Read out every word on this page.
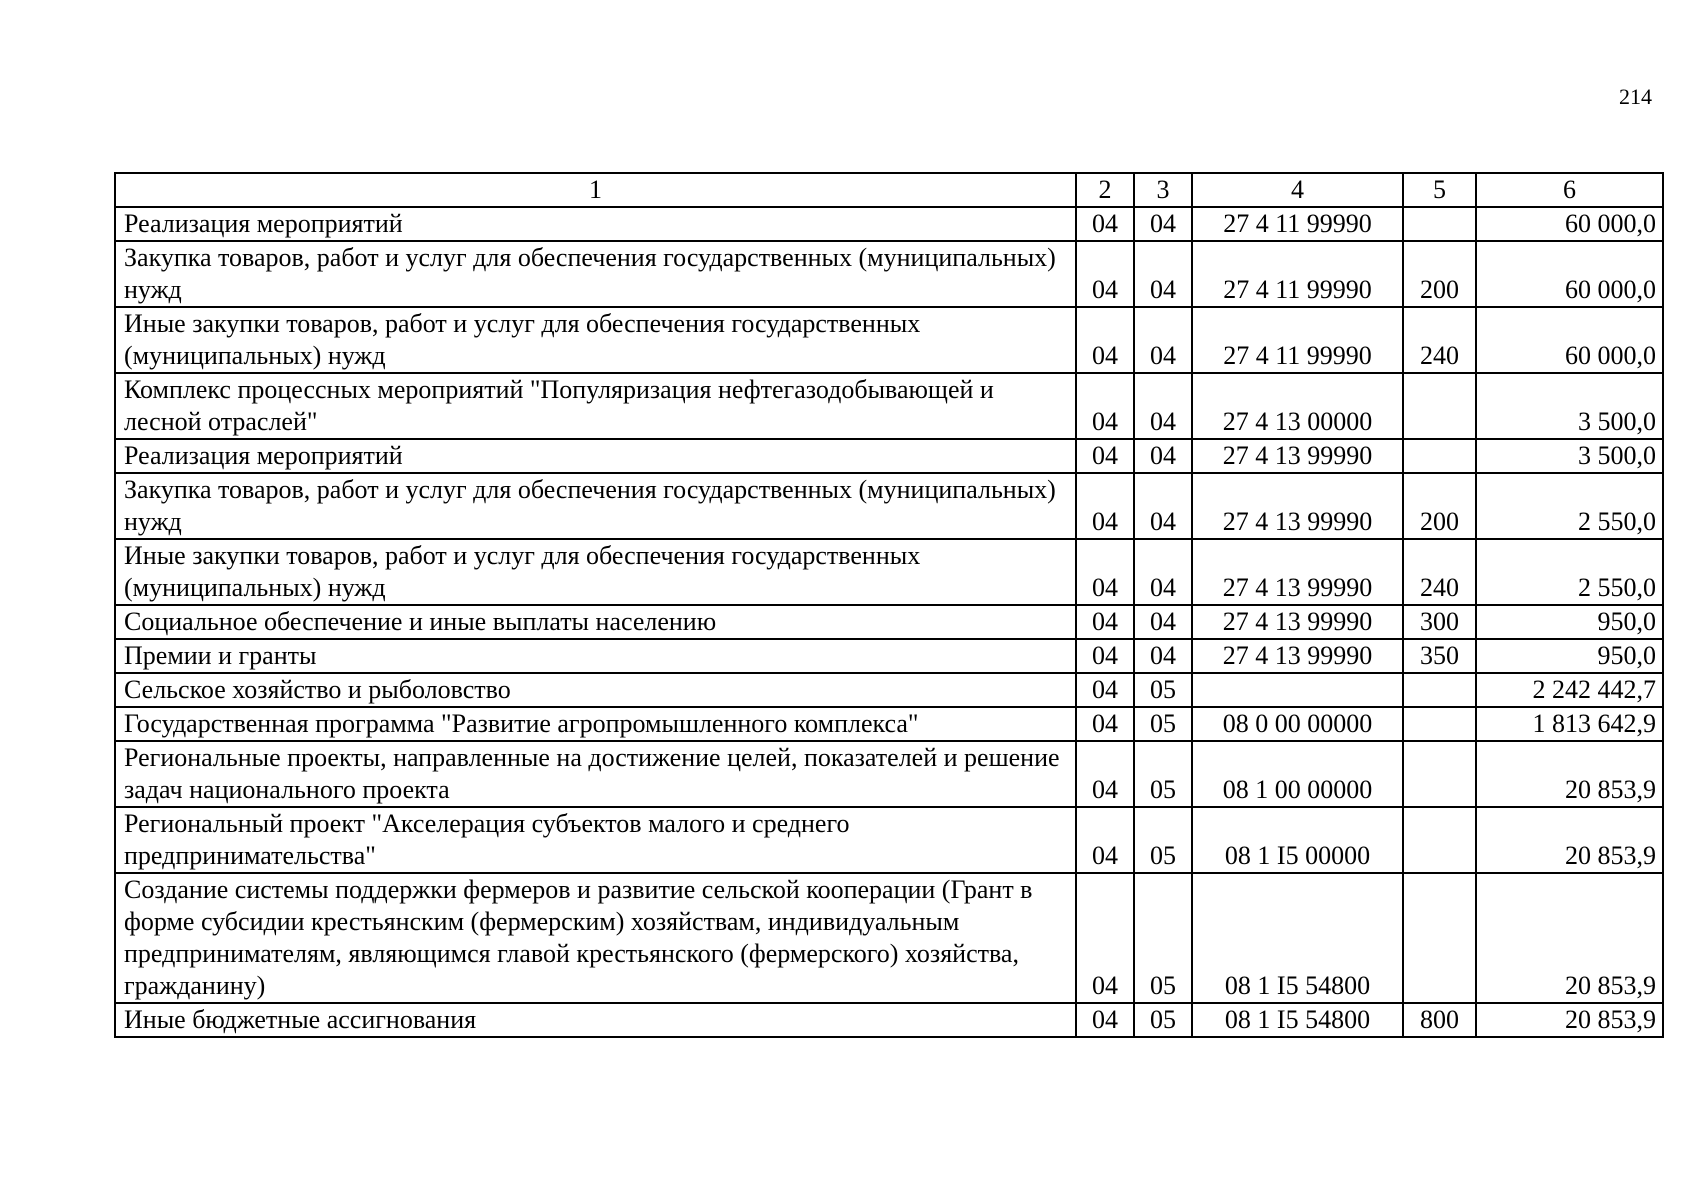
214
1	2	3	4	5	6
Реализация мероприятий	04	04	27 4 11 99990		60 000,0
Закупка товаров, работ и услуг для обеспечения государственных (муниципальных) нужд	04	04	27 4 11 99990	200	60 000,0
Иные закупки товаров, работ и услуг для обеспечения государственных (муниципальных) нужд	04	04	27 4 11 99990	240	60 000,0
Комплекс процессных мероприятий "Популяризация нефтегазодобывающей и лесной отраслей"	04	04	27 4 13 00000		3 500,0
Реализация мероприятий	04	04	27 4 13 99990		3 500,0
Закупка товаров, работ и услуг для обеспечения государственных (муниципальных) нужд	04	04	27 4 13 99990	200	2 550,0
Иные закупки товаров, работ и услуг для обеспечения государственных (муниципальных) нужд	04	04	27 4 13 99990	240	2 550,0
Социальное обеспечение и иные выплаты населению	04	04	27 4 13 99990	300	950,0
Премии и гранты	04	04	27 4 13 99990	350	950,0
Сельское хозяйство и рыболовство	04	05			2 242 442,7
Государственная программа "Развитие агропромышленного комплекса"	04	05	08 0 00 00000		1 813 642,9
Региональные проекты, направленные на достижение целей, показателей и решение задач национального проекта	04	05	08 1 00 00000		20 853,9
Региональный проект "Акселерация субъектов малого и среднего предпринимательства"	04	05	08 1 I5 00000		20 853,9
Создание системы поддержки фермеров и развитие сельской кооперации (Грант в форме субсидии крестьянским (фермерским) хозяйствам, индивидуальным предпринимателям, являющимся главой крестьянского (фермерского) хозяйства, гражданину)	04	05	08 1 I5 54800		20 853,9
Иные бюджетные ассигнования	04	05	08 1 I5 54800	800	20 853,9
